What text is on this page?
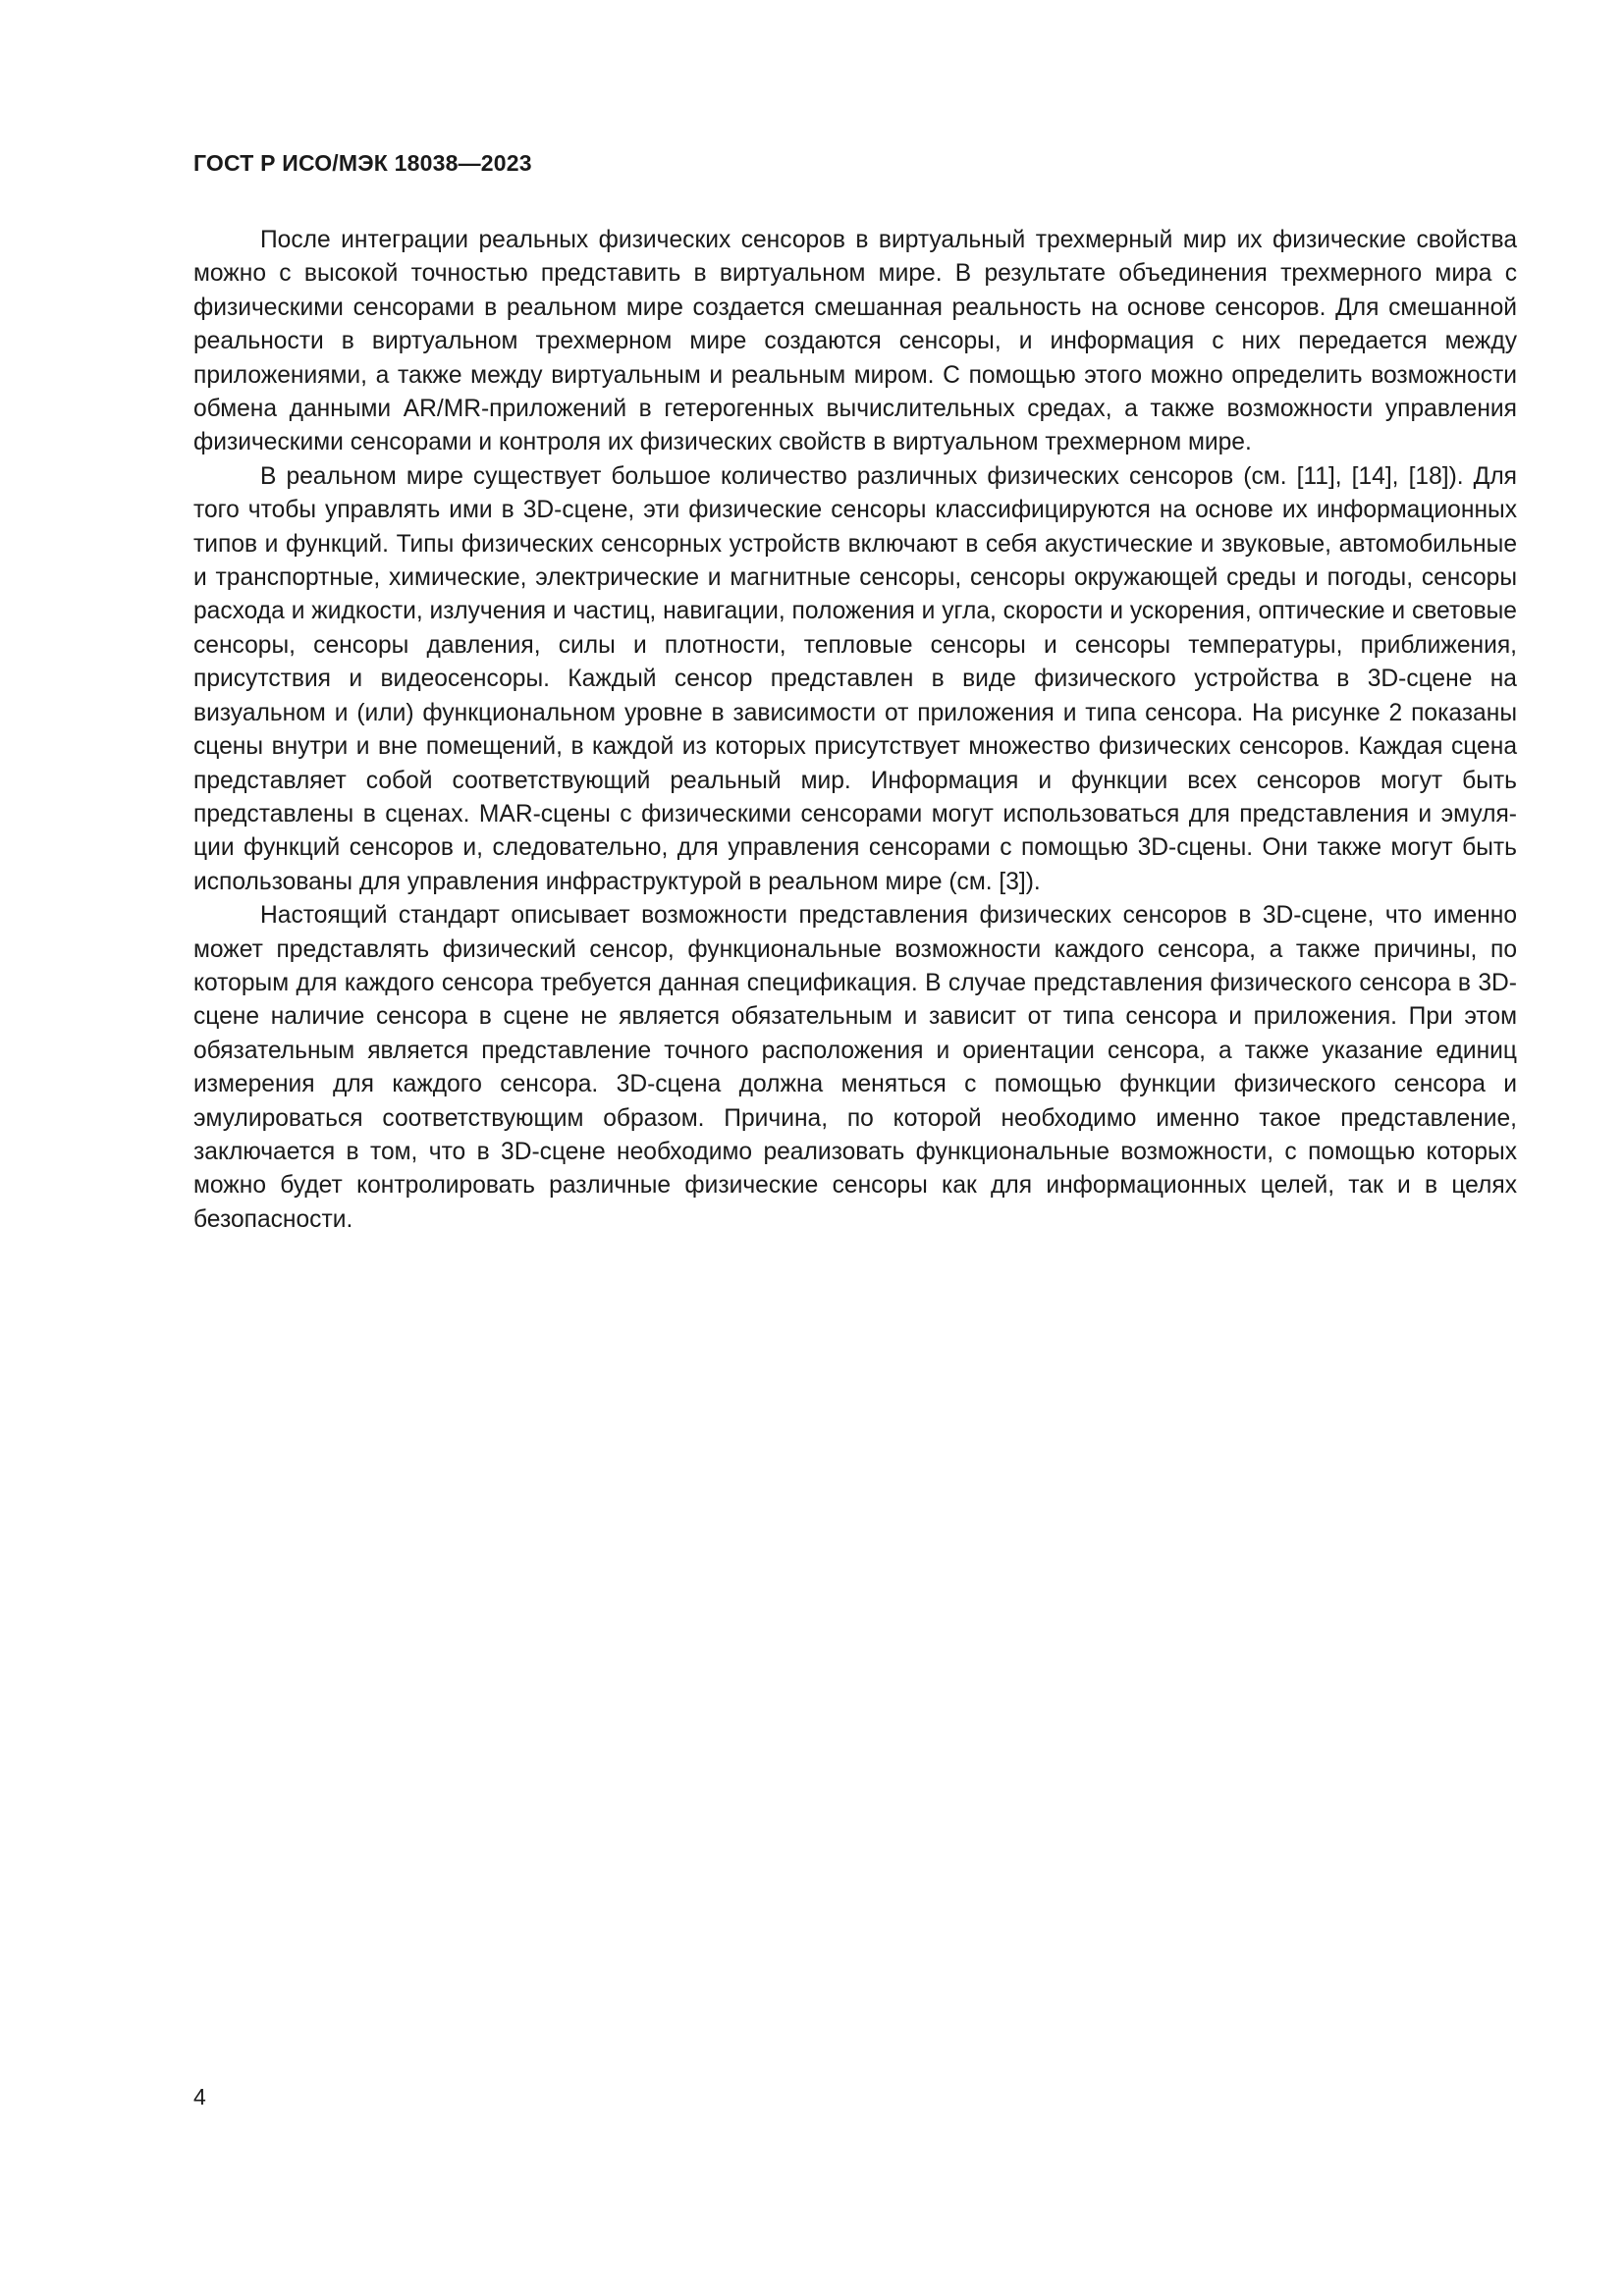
ГОСТ Р ИСО/МЭК 18038—2023

После интеграции реальных физических сенсоров в виртуальный трехмерный мир их физические свойства можно с высокой точностью представить в виртуальном мире. В результате объединения трехмерного мира с физическими сенсорами в реальном мире создается смешанная реальность на основе сенсоров. Для смешанной реальности в виртуальном трехмерном мире создаются сенсоры, и информация с них передается между приложениями, а также между виртуальным и реальным миром. С помощью этого можно определить возможности обмена данными AR/MR-приложений в гетерогенных вычислительных средах, а также возможности управления физическими сенсорами и контроля их физических свойств в виртуальном трехмерном мире.

В реальном мире существует большое количество различных физических сенсоров (см. [11], [14], [18]). Для того чтобы управлять ими в 3D-сцене, эти физические сенсоры классифицируются на основе их информационных типов и функций. Типы физических сенсорных устройств включают в себя акустические и звуковые, автомобильные и транспортные, химические, электрические и магнитные сенсоры, сенсоры окружающей среды и погоды, сенсоры расхода и жидкости, излучения и частиц, навигации, положения и угла, скорости и ускорения, оптические и световые сенсоры, сенсоры давления, силы и плотности, тепловые сенсоры и сенсоры температуры, приближения, присутствия и видеосенсоры. Каждый сенсор представлен в виде физического устройства в 3D-сцене на визуальном и (или) функциональном уровне в зависимости от приложения и типа сенсора. На рисунке 2 показаны сцены внутри и вне помещений, в каждой из которых присутствует множество физических сенсоров. Каждая сцена представляет собой соответствующий реальный мир. Информация и функции всех сенсоров могут быть представлены в сценах. MAR-сцены с физическими сенсорами могут использоваться для представления и эмуляции функций сенсоров и, следовательно, для управления сенсорами с помощью 3D-сцены. Они также могут быть использованы для управления инфраструктурой в реальном мире (см. [3]).

Настоящий стандарт описывает возможности представления физических сенсоров в 3D-сцене, что именно может представлять физический сенсор, функциональные возможности каждого сенсора, а также причины, по которым для каждого сенсора требуется данная спецификация. В случае представления физического сенсора в 3D-сцене наличие сенсора в сцене не является обязательным и зависит от типа сенсора и приложения. При этом обязательным является представление точного расположения и ориентации сенсора, а также указание единиц измерения для каждого сенсора. 3D-сцена должна меняться с помощью функции физического сенсора и эмулироваться соответствующим образом. Причина, по которой необходимо именно такое представление, заключается в том, что в 3D-сцене необходимо реализовать функциональные возможности, с помощью которых можно будет контролировать различные физические сенсоры как для информационных целей, так и в целях безопасности.

4
